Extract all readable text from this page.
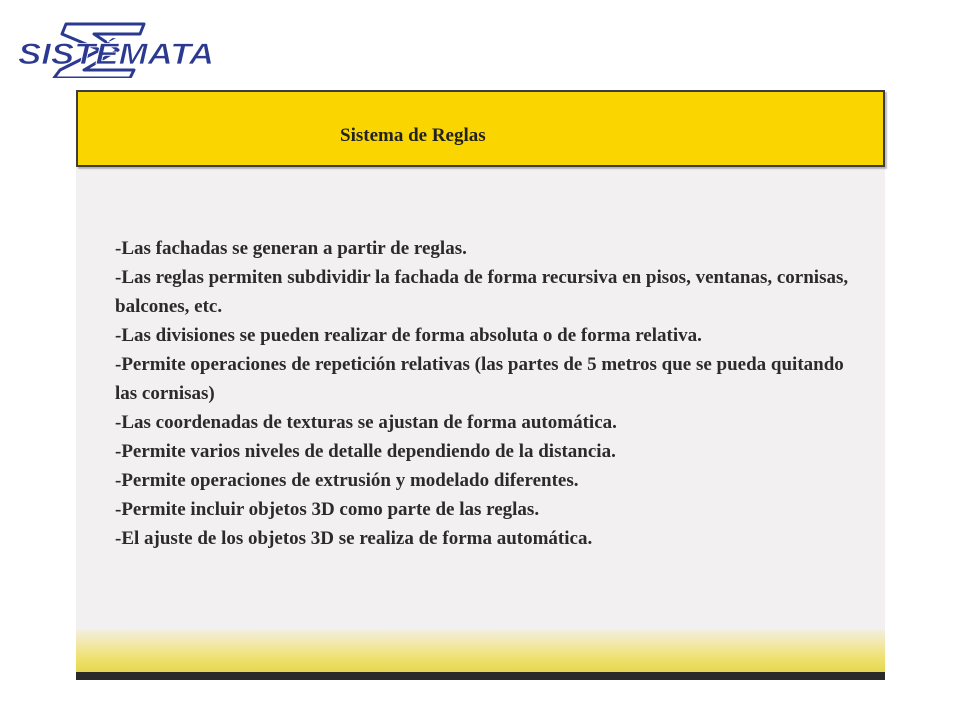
SISTÉMATA
Sistema de Reglas
-Las fachadas se generan a partir de reglas.
-Las reglas permiten subdividir la fachada de forma recursiva en pisos, ventanas, cornisas, balcones, etc.
-Las divisiones se pueden realizar de forma absoluta o de forma relativa.
-Permite operaciones de repetición relativas (las partes de 5 metros que se pueda quitando las cornisas)
-Las coordenadas de texturas se ajustan de forma automática.
-Permite varios niveles de detalle dependiendo de la distancia.
-Permite operaciones de extrusión y modelado diferentes.
-Permite incluir objetos 3D como parte de las reglas.
-El ajuste de los objetos 3D se realiza de forma automática.
